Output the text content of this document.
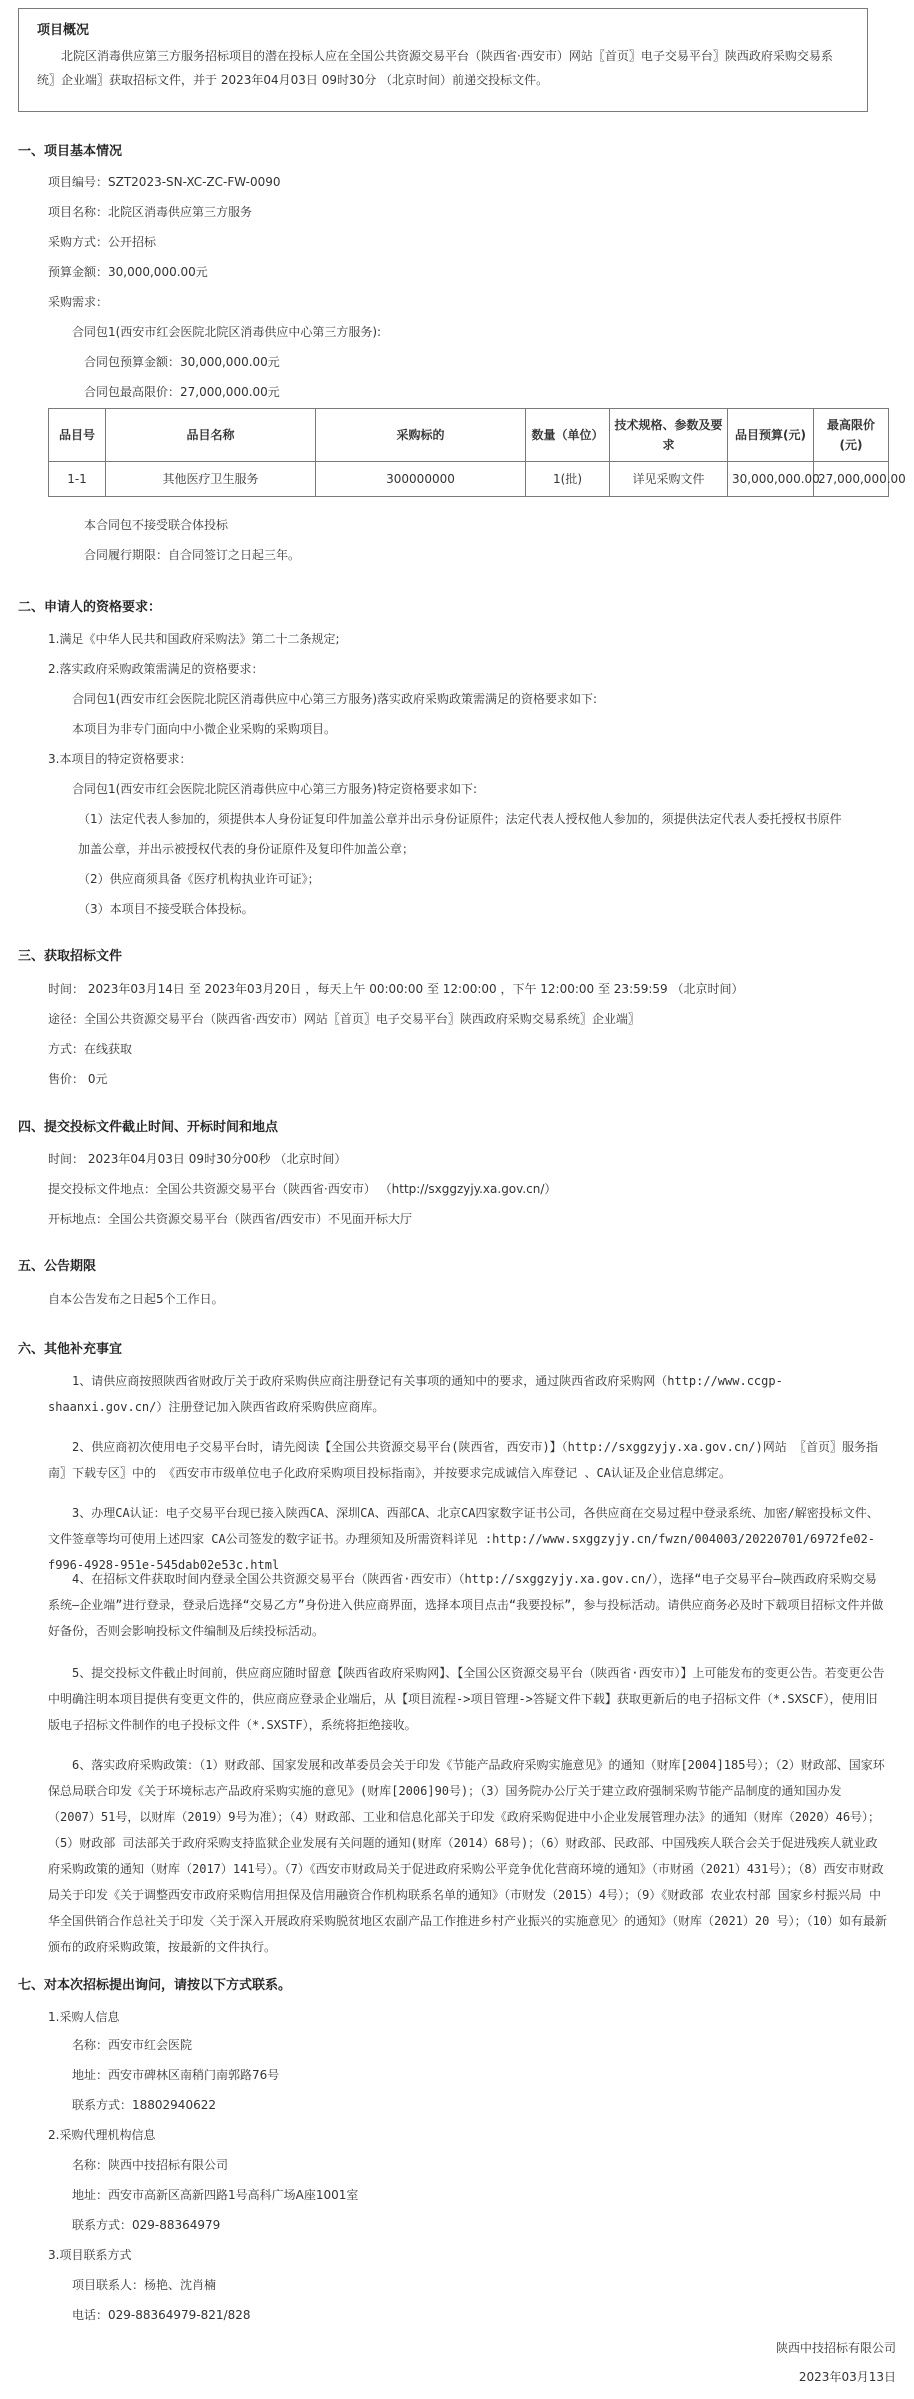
项目概况

北院区消毒供应第三方服务招标项目的潜在投标人应在全国公共资源交易平台（陕西省·西安市）网站〖首页〗电子交易平台〗陕西政府采购交易系统〗企业端〗获取招标文件，并于 2023年04月03日 09时30分 （北京时间）前递交投标文件。

一、项目基本情况
项目编号：SZT2023-SN-XC-ZC-FW-0090
项目名称：北院区消毒供应第三方服务
采购方式：公开招标
预算金额：30,000,000.00元
采购需求：
合同包1(西安市红会医院北院区消毒供应中心第三方服务):
合同包预算金额：30,000,000.00元
合同包最高限价：27,000,000.00元
品目号	品目名称	采购标的	数量（单位）	技术规格、参数及要求	品目预算(元)	最高限价(元)
1-1	其他医疗卫生服务	300000000	1(批)	详见采购文件	30,000,000.00	27,000,000.00
本合同包不接受联合体投标
合同履行期限：自合同签订之日起三年。
二、申请人的资格要求：
1.满足《中华人民共和国政府采购法》第二十二条规定;
2.落实政府采购政策需满足的资格要求：
合同包1(西安市红会医院北院区消毒供应中心第三方服务)落实政府采购政策需满足的资格要求如下:
本项目为非专门面向中小微企业采购的采购项目。
3.本项目的特定资格要求：
合同包1(西安市红会医院北院区消毒供应中心第三方服务)特定资格要求如下:
（1）法定代表人参加的，须提供本人身份证复印件加盖公章并出示身份证原件；法定代表人授权他人参加的，须提供法定代表人委托授权书原件
加盖公章，并出示被授权代表的身份证原件及复印件加盖公章；
（2）供应商须具备《医疗机构执业许可证》；
（3）本项目不接受联合体投标。
三、获取招标文件
时间： 2023年03月14日 至 2023年03月20日 ，每天上午 00:00:00 至 12:00:00 ，下午 12:00:00 至 23:59:59 （北京时间）
途径：全国公共资源交易平台（陕西省·西安市）网站〖首页〗电子交易平台〗陕西政府采购交易系统〗企业端〗
方式：在线获取
售价： 0元
四、提交投标文件截止时间、开标时间和地点
时间： 2023年04月03日 09时30分00秒 （北京时间）
提交投标文件地点：全国公共资源交易平台（陕西省·西安市） （http://sxggzyjy.xa.gov.cn/）
开标地点：全国公共资源交易平台（陕西省/西安市）不见面开标大厅
五、公告期限
自本公告发布之日起5个工作日。
六、其他补充事宜
1、请供应商按照陕西省财政厅关于政府采购供应商注册登记有关事项的通知中的要求，通过陕西省政府采购网（http://www.ccgp-shaanxi.gov.cn/）注册登记加入陕西省政府采购供应商库。
2、供应商初次使用电子交易平台时，请先阅读【全国公共资源交易平台(陕西省，西安市)】（http://sxggzyjy.xa.gov.cn/)网站 〖首页〗服务指南〗下载专区〗中的 《西安市市级单位电子化政府采购项目投标指南》，并按要求完成诚信入库登记 、CA认证及企业信息绑定。
3、办理CA认证：电子交易平台现已接入陕西CA、深圳CA、西部CA、北京CA四家数字证书公司，各供应商在交易过程中登录系统、加密/解密投标文件、文件签章等均可使用上述四家 CA公司签发的数字证书。办理须知及所需资料详见 :http://www.sxggzyjy.cn/fwzn/004003/20220701/6972fe02-f996-4928-951e-545dab02e53c.html
4、在招标文件获取时间内登录全国公共资源交易平台（陕西省·西安市）（http://sxggzyjy.xa.gov.cn/），选择“电子交易平台—陕西政府采购交易系统—企业端”进行登录，登录后选择“交易乙方”身份进入供应商界面，选择本项目点击“我要投标”，参与投标活动。请供应商务必及时下载项目招标文件并做好备份，否则会影响投标文件编制及后续投标活动。
5、提交投标文件截止时间前，供应商应随时留意【陕西省政府采购网】、【全国公区资源交易平台（陕西省·西安市）】上可能发布的变更公告。若变更公告中明确注明本项目提供有变更文件的，供应商应登录企业端后，从【项目流程->项目管理->答疑文件下载】获取更新后的电子招标文件（*.SXSCF），使用旧版电子招标文件制作的电子投标文件（*.SXSTF），系统将拒绝接收。
6、落实政府采购政策：（1）财政部、国家发展和改革委员会关于印发《节能产品政府采购实施意见》的通知（财库[2004]185号）；（2）财政部、国家环保总局联合印发《关于环境标志产品政府采购实施的意见》(财库[2006]90号)；（3）国务院办公厅关于建立政府强制采购节能产品制度的通知国办发（2007）51号，以财库（2019）9号为准）；（4）财政部、工业和信息化部关于印发《政府采购促进中小企业发展管理办法》的通知（财库（2020）46号）；（5）财政部 司法部关于政府采购支持监狱企业发展有关问题的通知(财库（2014）68号)；（6）财政部、民政部、中国残疾人联合会关于促进残疾人就业政府采购政策的通知（财库（2017）141号）。（7）《西安市财政局关于促进政府采购公平竞争优化营商环境的通知》（市财函（2021）431号）；（8）西安市财政局关于印发《关于调整西安市政府采购信用担保及信用融资合作机构联系名单的通知》（市财发（2015）4号）；（9）《财政部 农业农村部 国家乡村振兴局 中华全国供销合作总社关于印发〈关于深入开展政府采购脱贫地区农副产品工作推进乡村产业振兴的实施意见〉的通知》（财库（2021）20 号）；（10）如有最新颁布的政府采购政策，按最新的文件执行。
七、对本次招标提出询问，请按以下方式联系。
1.采购人信息
名称：西安市红会医院
地址：西安市碑林区南稍门南郭路76号
联系方式：18802940622
2.采购代理机构信息
名称：陕西中技招标有限公司
地址：西安市高新区高新四路1号高科广场A座1001室
联系方式：029-88364979
3.项目联系方式
项目联系人：杨艳、沈肖楠
电话：029-88364979-821/828
陕西中技招标有限公司
2023年03月13日
